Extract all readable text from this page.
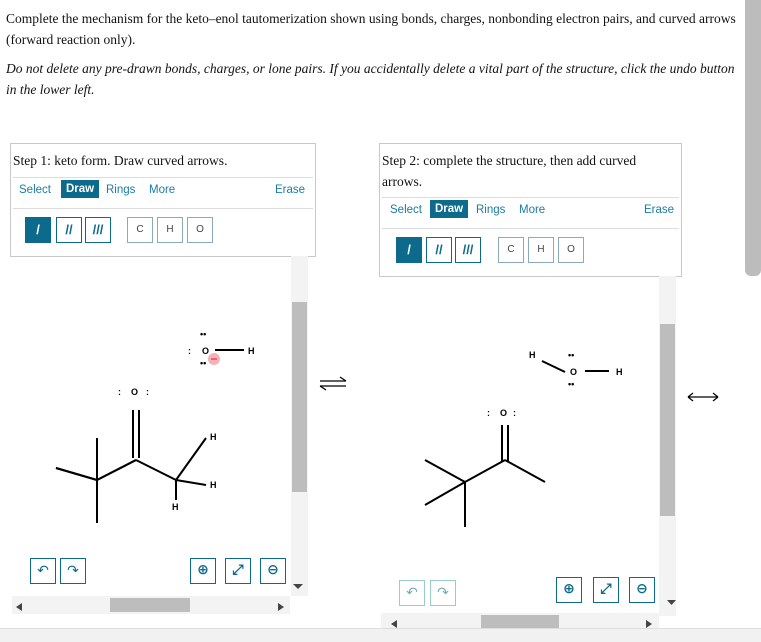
Complete the mechanism for the keto–enol tautomerization shown using bonds, charges, nonbonding electron pairs, and curved arrows (forward reaction only).
Do not delete any pre-drawn bonds, charges, or lone pairs. If you accidentally delete a vital part of the structure, click the undo button in the lower left.
Step 1: keto form. Draw curved arrows.
Select	Draw	Rings More	Erase
/	//	///	C	H	O
Step 2: complete the structure, then add curved arrows.
Select	Draw	Rings More	Erase
/	//	///	C	H	O
↶	↷	⊕	⤢	⊖
↶	↷	⊕	⤢	⊖
: O :
••
: O
••
H
H
H
H
: O :
H	••
O
••
H
